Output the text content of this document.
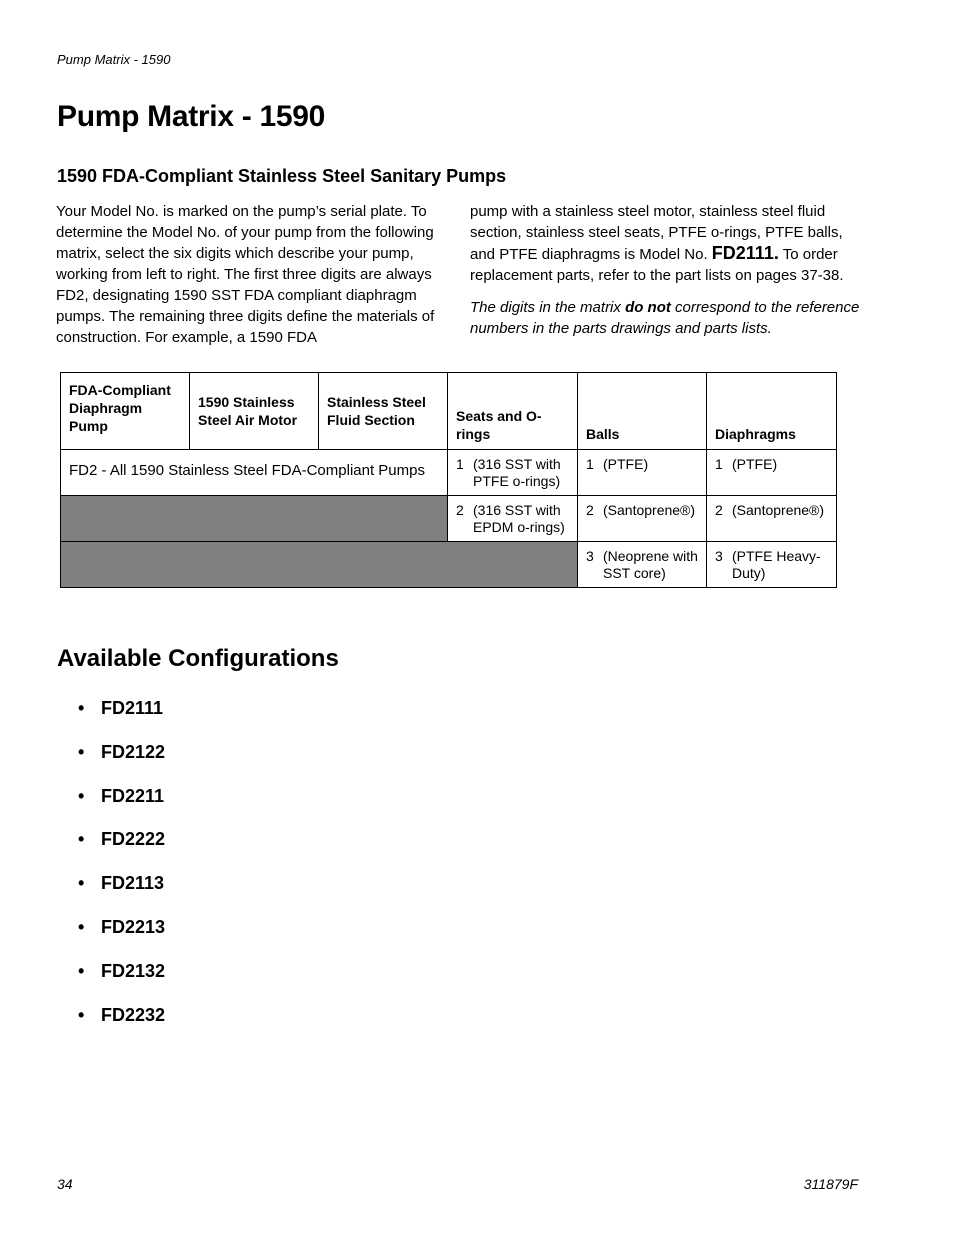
Pump Matrix - 1590
Pump Matrix - 1590
1590 FDA-Compliant Stainless Steel Sanitary Pumps

Your Model No. is marked on the pump’s serial plate. To determine the Model No. of your pump from the following matrix, select the six digits which describe your pump, working from left to right. The first three digits are always FD2, designating 1590 SST FDA compliant diaphragm pumps. The remaining three digits define the materials of construction. For example, a 1590 FDA

pump with a stainless steel motor, stainless steel fluid section, stainless steel seats, PTFE o-rings, PTFE balls, and PTFE diaphragms is Model No. FD2111. To order replacement parts, refer to the part lists on pages 37-38.

The digits in the matrix do not correspond to the reference numbers in the parts drawings and parts lists.

FDA-Compliant Diaphragm Pump	1590 Stainless Steel Air Motor	Stainless Steel Fluid Section	Seats and O-rings	Balls	Diaphragms
FD2 - All 1590 Stainless Steel FDA-Compliant Pumps			1 (316 SST with PTFE o-rings)	1 (PTFE)	1 (PTFE)

			2 (316 SST with EPDM o-rings)	2 (Santoprene®)	2 (Santoprene®)

				3 (Neoprene with SST core)	3 (PTFE Heavy-Duty)
Available Configurations
• FD2111
• FD2122
• FD2211
• FD2222
• FD2113
• FD2213
• FD2132
• FD2232
34	311879F
